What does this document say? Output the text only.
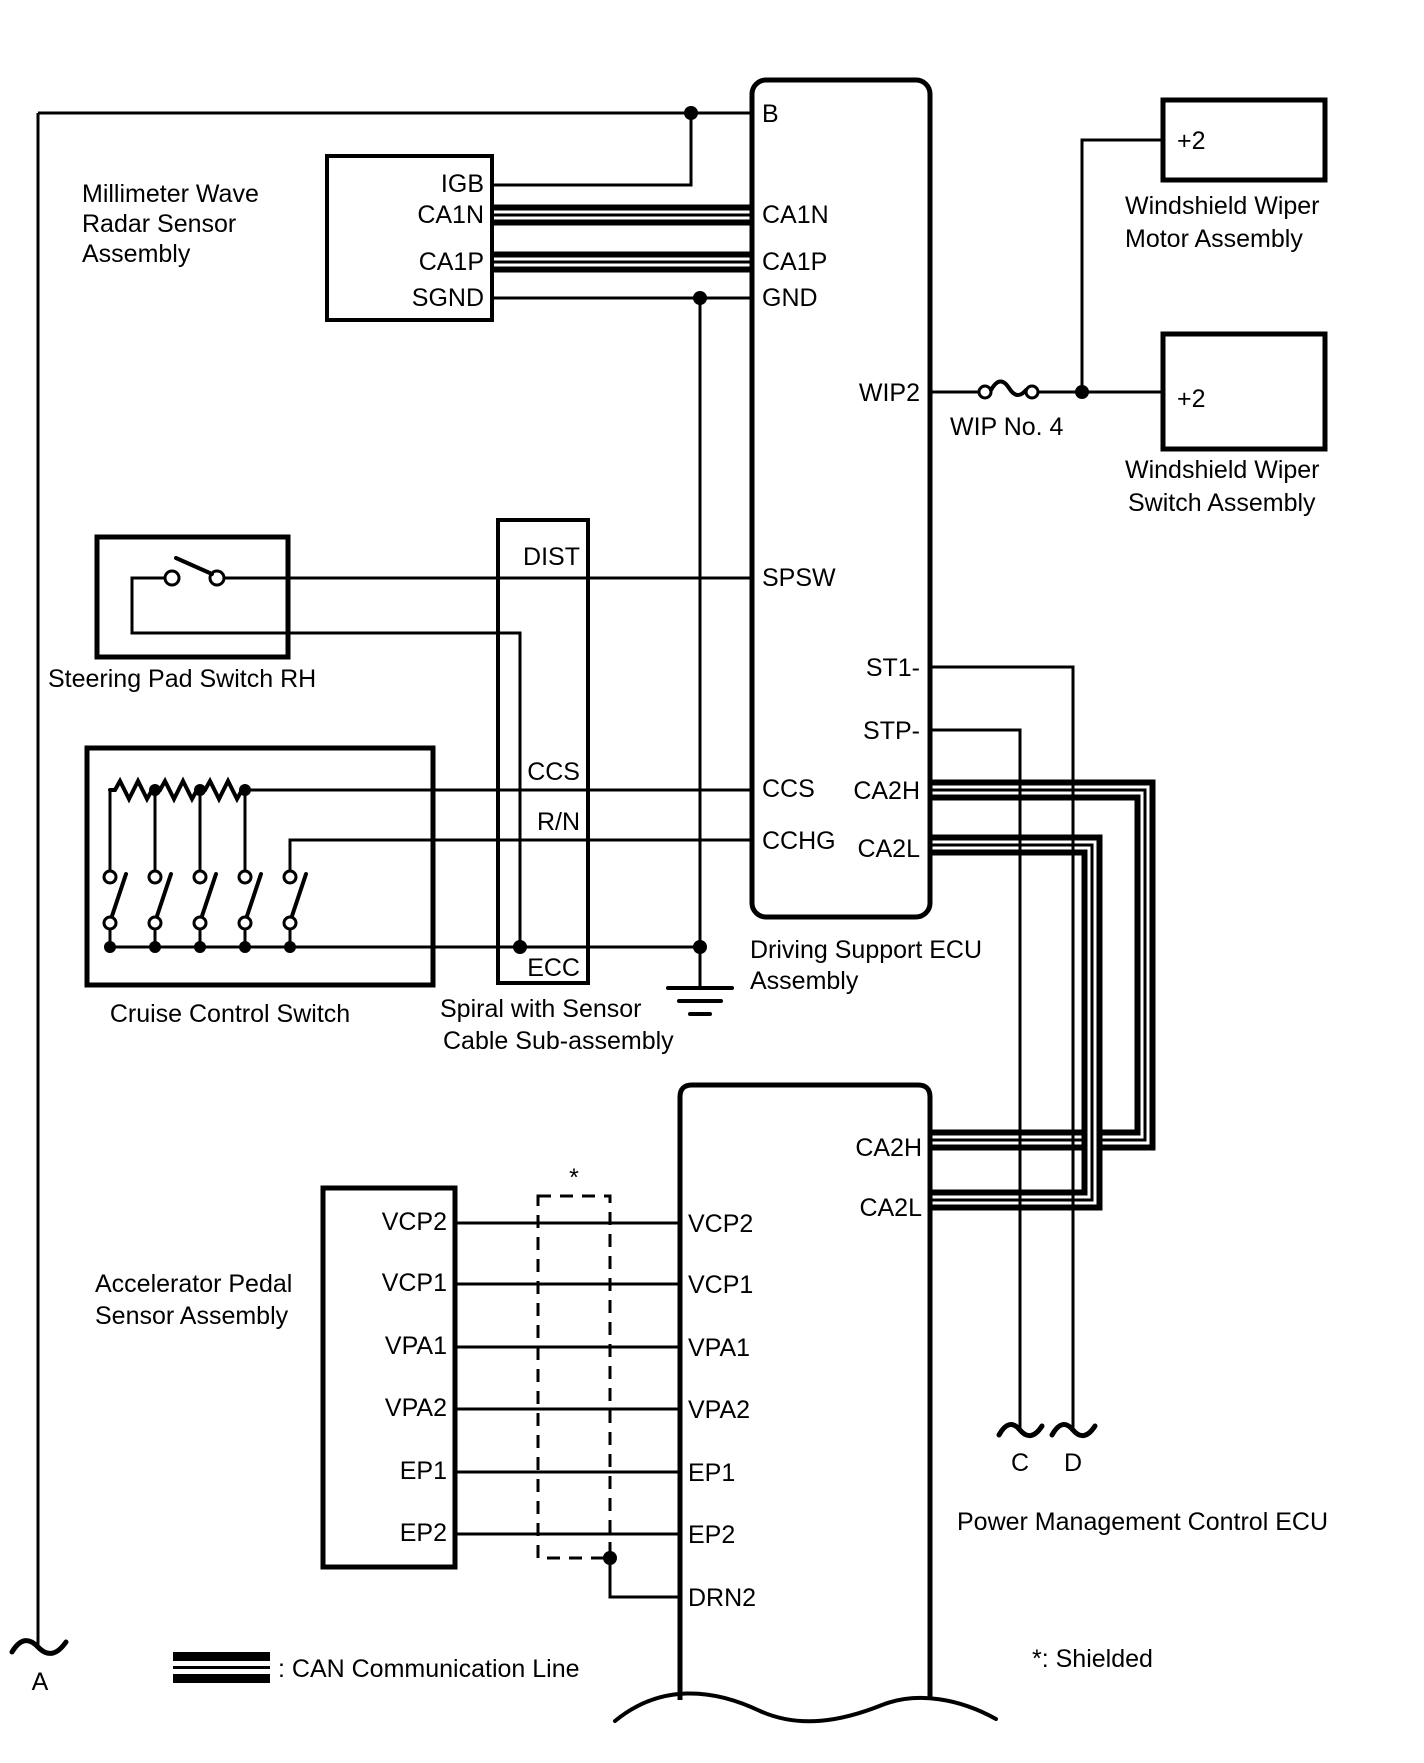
Millimeter Wave
Radar Sensor
Assembly
IGB
CA1N
CA1P
SGND
B
CA1N
CA1P
GND
SPSW
CCS
CCHG
WIP2
ST1-
STP-
CA2H
CA2L
Driving Support ECU
Assembly
+2
Windshield Wiper
Motor Assembly
+2
Windshield Wiper
Switch Assembly
WIP No. 4
Steering Pad Switch RH
DIST
CCS
R/N
ECC
Spiral with Sensor
Cable Sub-assembly
Cruise Control Switch
Accelerator Pedal
Sensor Assembly
VCP2
VCP1
VPA1
VPA2
EP1
EP2
CA2H
CA2L
VCP2
VCP1
VPA1
VPA2
EP1
EP2
DRN2
Power Management Control ECU
A
C D
*
*: Shielded
: CAN Communication Line
